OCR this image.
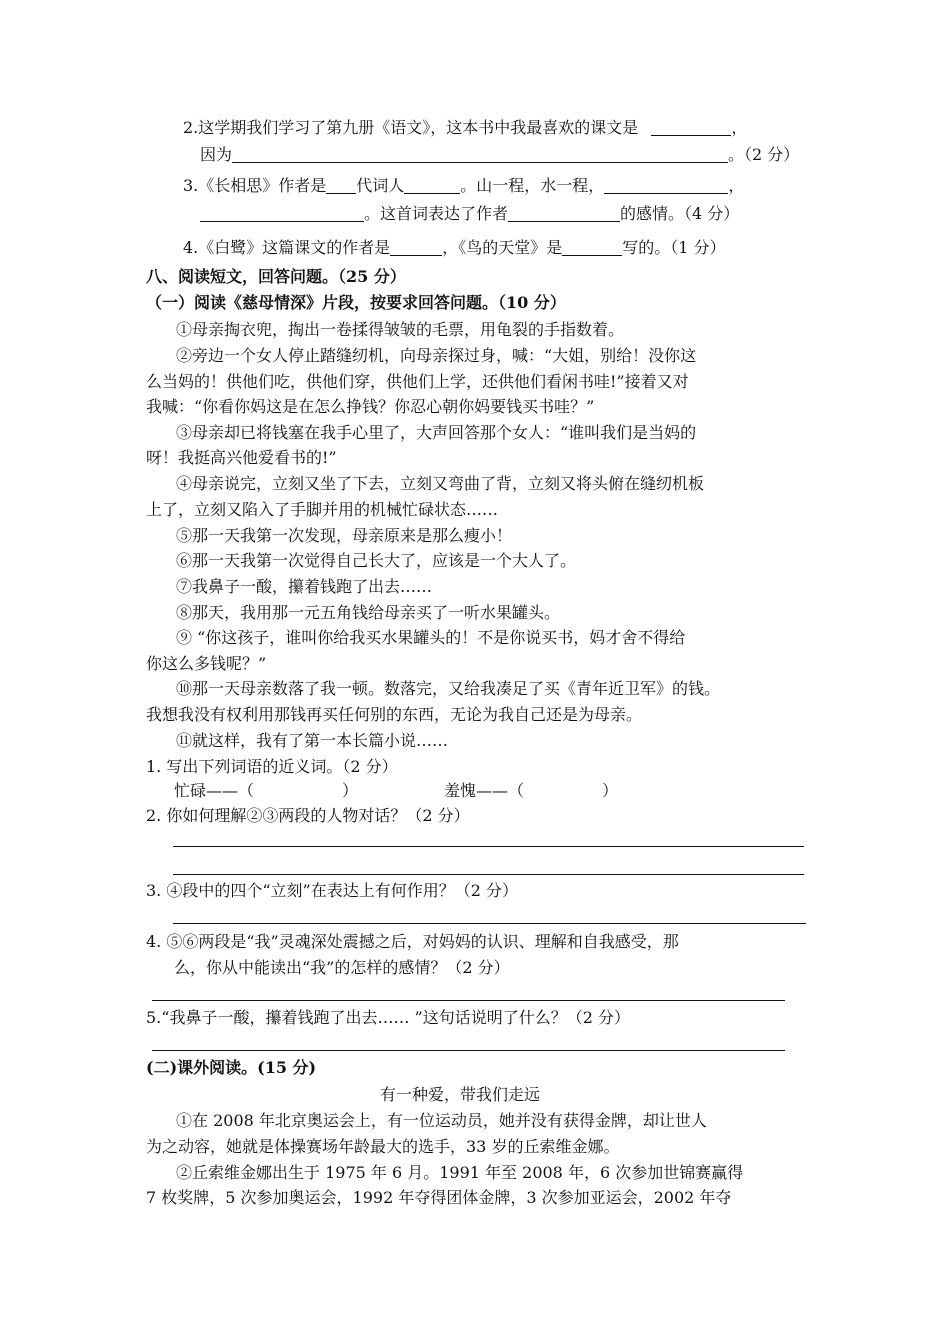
2.这学期我们学习了第九册《语文》，这本书中我最喜欢的课文是	，
因为	。（2 分）
3.《长相思》作者是 代词人	。山一程，水一程，	，
。这首词表达了作者	的感情。（4 分）
4.《白鹭》这篇课文的作者是	，《鸟的天堂》是	写的。（1 分）
八、阅读短文，回答问题。（25 分）
（一）阅读《慈母情深》片段，按要求回答问题。（10 分）
①母亲掏衣兜，掏出一卷揉得皱皱的毛票，用龟裂的手指数着。
②旁边一个女人停止踏缝纫机，向母亲探过身，喊：“大姐，别给！没你这
么当妈的！供他们吃，供他们穿，供他们上学，还供他们看闲书哇!”接着又对
我喊：“你看你妈这是在怎么挣钱？你忍心朝你妈要钱买书哇？”
③母亲却已将钱塞在我手心里了，大声回答那个女人：“谁叫我们是当妈的
呀！我挺高兴他爱看书的!”
④母亲说完，立刻又坐了下去，立刻又弯曲了背，立刻又将头俯在缝纫机板
上了，立刻又陷入了手脚并用的机械忙碌状态……
⑤那一天我第一次发现，母亲原来是那么瘦小！
⑥那一天我第一次觉得自己长大了，应该是一个大人了。
⑦我鼻子一酸，攥着钱跑了出去……
⑧那天，我用那一元五角钱给母亲买了一听水果罐头。
⑨ “你这孩子，谁叫你给我买水果罐头的！不是你说买书，妈才舍不得给
你这么多钱呢？”
⑩那一天母亲数落了我一顿。数落完，又给我凑足了买《青年近卫军》的钱。
我想我没有权利用那钱再买任何别的东西，无论为我自己还是为母亲。
⑪就这样，我有了第一本长篇小说……
1. 写出下列词语的近义词。（2 分）
忙碌——（	）	羞愧——（	）
2. 你如何理解②③两段的人物对话？（2 分）
3. ④段中的四个“立刻”在表达上有何作用？（2 分）
4. ⑤⑥两段是“我”灵魂深处震撼之后，对妈妈的认识、理解和自我感受，那
么，你从中能读出“我”的怎样的感情？（2 分）
5.“我鼻子一酸，攥着钱跑了出去…… ”这句话说明了什么？（2 分）
(二)课外阅读。(15 分)
有一种爱，带我们走远
①在 2008 年北京奥运会上，有一位运动员，她并没有获得金牌，却让世人
为之动容，她就是体操赛场年龄最大的选手，33 岁的丘索维金娜。
②丘索维金娜出生于 1975 年 6 月。1991 年至 2008 年，6 次参加世锦赛赢得
7 枚奖牌，5 次参加奥运会，1992 年夺得团体金牌，3 次参加亚运会，2002 年夺
